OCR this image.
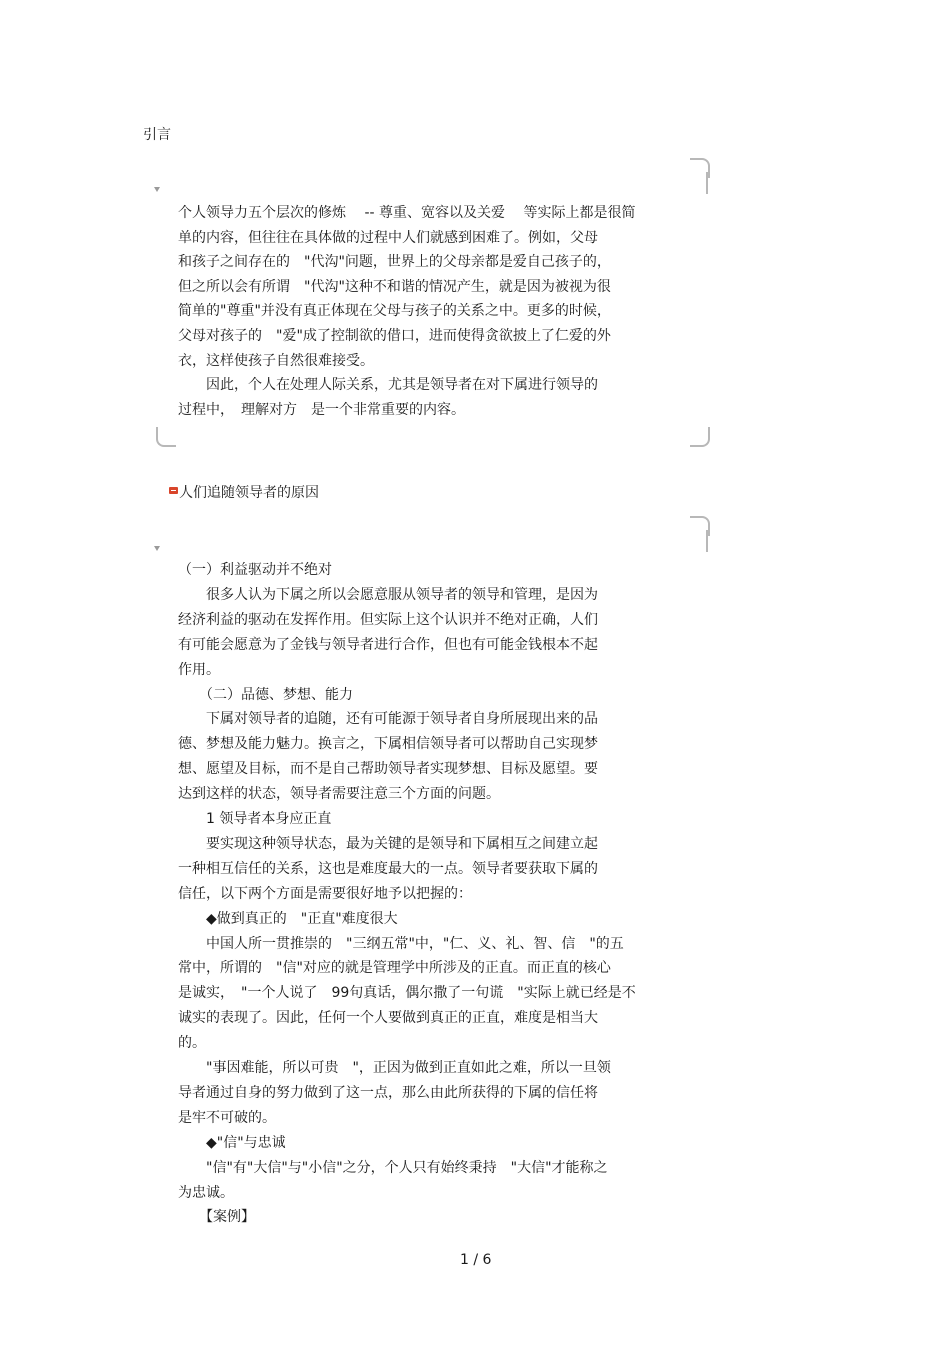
引言
个人领导力五个层次的修炼　 -- 尊重、宽容以及关爱　 等实际上都是很简
单的内容，但往往在具体做的过程中人们就感到困难了。例如，父母
和孩子之间存在的　"代沟"问题，世界上的父母亲都是爱自己孩子的，
但之所以会有所谓　"代沟"这种不和谐的情况产生，就是因为被视为很
简单的"尊重"并没有真正体现在父母与孩子的关系之中。更多的时候，
父母对孩子的　"爱"成了控制欲的借口，进而使得贪欲披上了仁爱的外
衣，这样使孩子自然很难接受。
　　因此，个人在处理人际关系，尤其是领导者在对下属进行领导的
过程中，　理解对方　是一个非常重要的内容。
人们追随领导者的原因
（一）利益驱动并不绝对
　　很多人认为下属之所以会愿意服从领导者的领导和管理，是因为
经济利益的驱动在发挥作用。但实际上这个认识并不绝对正确，人们
有可能会愿意为了金钱与领导者进行合作，但也有可能金钱根本不起
作用。
　　（二）品德、梦想、能力
　　下属对领导者的追随，还有可能源于领导者自身所展现出来的品
德、梦想及能力魅力。换言之，下属相信领导者可以帮助自己实现梦
想、愿望及目标，而不是自己帮助领导者实现梦想、目标及愿望。要
达到这样的状态，领导者需要注意三个方面的问题。
　　1 领导者本身应正直
　　要实现这种领导状态，最为关键的是领导和下属相互之间建立起
一种相互信任的关系，这也是难度最大的一点。领导者要获取下属的
信任，以下两个方面是需要很好地予以把握的：
　　◆做到真正的　"正直"难度很大
　　中国人所一贯推崇的　"三纲五常"中，"仁、义、礼、智、信　"的五
常中，所谓的　"信"对应的就是管理学中所涉及的正直。而正直的核心
是诚实，　"一个人说了　99句真话，偶尔撒了一句谎　"实际上就已经是不
诚实的表现了。因此，任何一个人要做到真正的正直，难度是相当大
的。
　　"事因难能，所以可贵　"，正因为做到正直如此之难，所以一旦领
导者通过自身的努力做到了这一点，那么由此所获得的下属的信任将
是牢不可破的。
　　◆"信"与忠诚
　　"信"有"大信"与"小信"之分，个人只有始终秉持　"大信"才能称之
为忠诚。
　　【案例】
1 / 6
